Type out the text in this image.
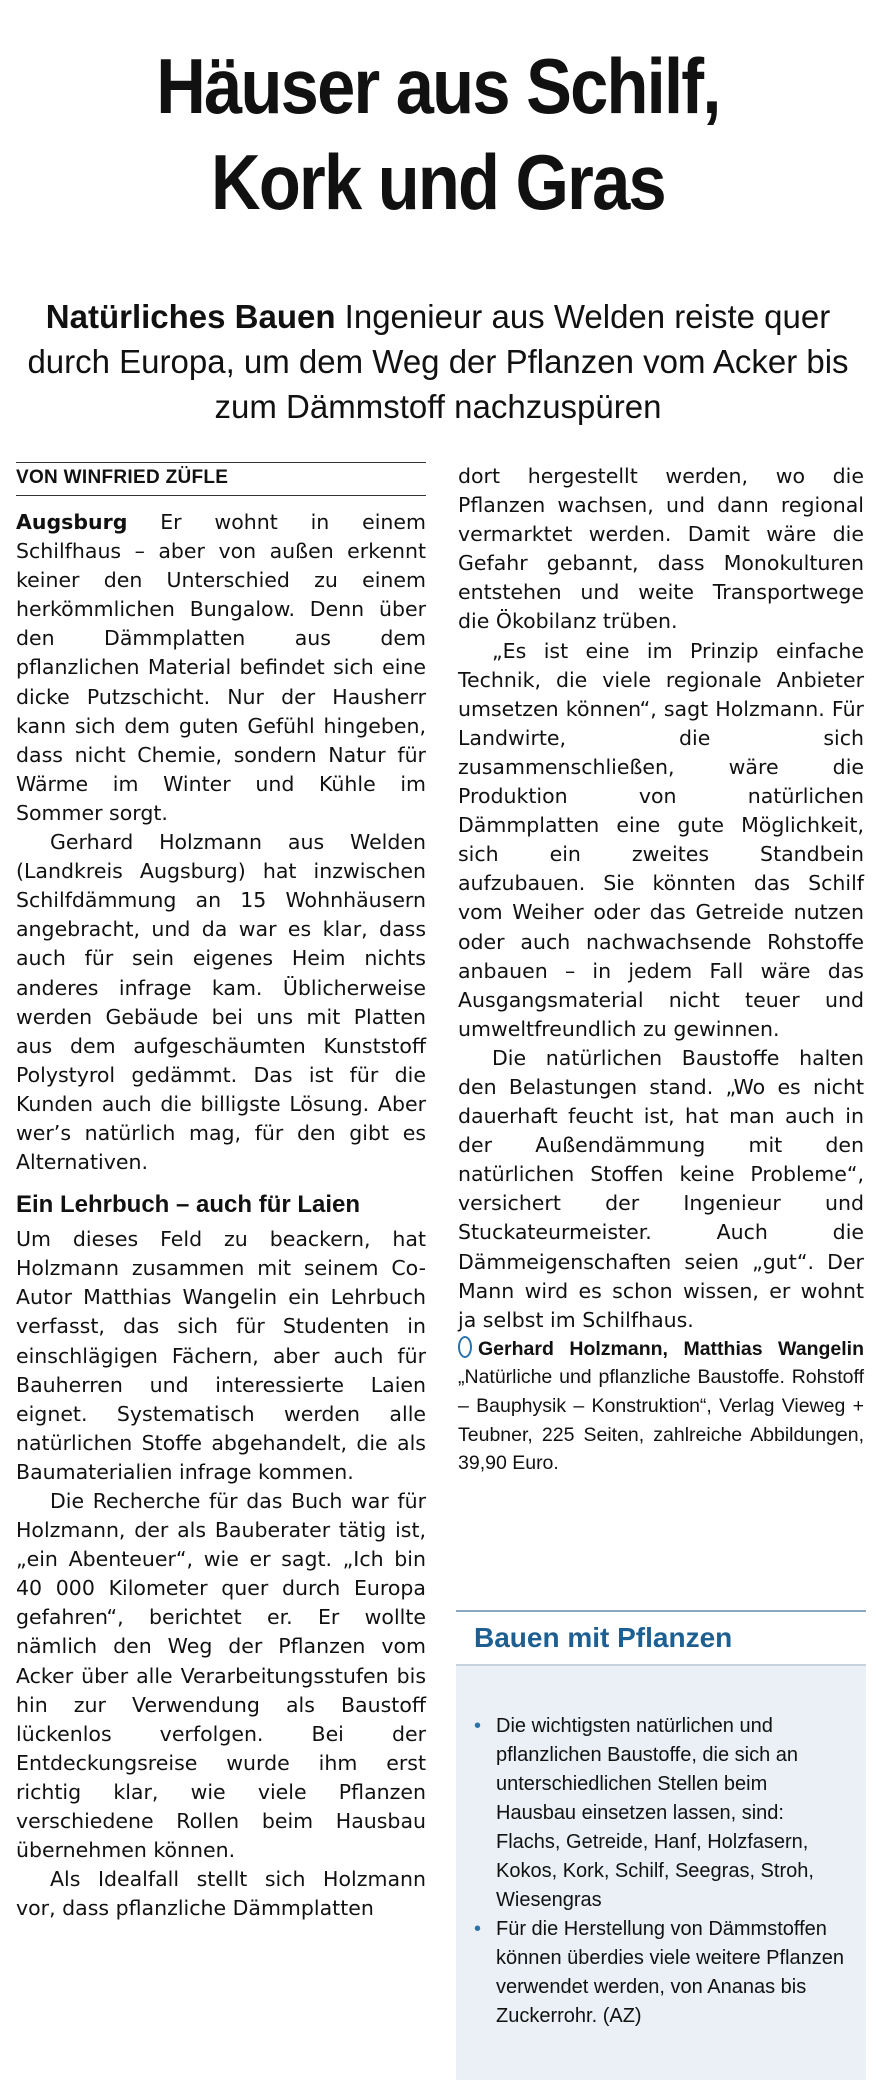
Häuser aus Schilf,
Kork und Gras

Natürliches Bauen Ingenieur aus Welden reiste quer durch Europa, um dem Weg der Pflanzen vom Acker bis zum Dämmstoff nachzuspüren

VON WINFRIED ZÜFLE

Augsburg Er wohnt in einem Schilfhaus – aber von außen erkennt keiner den Unterschied zu einem herkömmlichen Bungalow. Denn über den Dämmplatten aus dem pflanzlichen Material befindet sich eine dicke Putzschicht. Nur der Hausherr kann sich dem guten Gefühl hingeben, dass nicht Chemie, sondern Natur für Wärme im Winter und Kühle im Sommer sorgt.

Gerhard Holzmann aus Welden (Landkreis Augsburg) hat inzwischen Schilfdämmung an 15 Wohnhäusern angebracht, und da war es klar, dass auch für sein eigenes Heim nichts anderes infrage kam. Üblicherweise werden Gebäude bei uns mit Platten aus dem aufgeschäumten Kunststoff Polystyrol gedämmt. Das ist für die Kunden auch die billigste Lösung. Aber wer’s natürlich mag, für den gibt es Alternativen.

Ein Lehrbuch – auch für Laien

Um dieses Feld zu beackern, hat Holzmann zusammen mit seinem Co-Autor Matthias Wangelin ein Lehrbuch verfasst, das sich für Studenten in einschlägigen Fächern, aber auch für Bauherren und interessierte Laien eignet. Systematisch werden alle natürlichen Stoffe abgehandelt, die als Baumaterialien infrage kommen.

Die Recherche für das Buch war für Holzmann, der als Bauberater tätig ist, „ein Abenteuer“, wie er sagt. „Ich bin 40 000 Kilometer quer durch Europa gefahren“, berichtet er. Er wollte nämlich den Weg der Pflanzen vom Acker über alle Verarbeitungsstufen bis hin zur Verwendung als Baustoff lückenlos verfolgen. Bei der Entdeckungsreise wurde ihm erst richtig klar, wie viele Pflanzen verschiedene Rollen beim Hausbau übernehmen können.

Als Idealfall stellt sich Holzmann vor, dass pflanzliche Dämmplatten

dort hergestellt werden, wo die Pflanzen wachsen, und dann regional vermarktet werden. Damit wäre die Gefahr gebannt, dass Monokulturen entstehen und weite Transportwege die Ökobilanz trüben.

„Es ist eine im Prinzip einfache Technik, die viele regionale Anbieter umsetzen können“, sagt Holzmann. Für Landwirte, die sich zusammenschließen, wäre die Produktion von natürlichen Dämmplatten eine gute Möglichkeit, sich ein zweites Standbein aufzubauen. Sie könnten das Schilf vom Weiher oder das Getreide nutzen oder auch nachwachsende Rohstoffe anbauen – in jedem Fall wäre das Ausgangsmaterial nicht teuer und umweltfreundlich zu gewinnen.

Die natürlichen Baustoffe halten den Belastungen stand. „Wo es nicht dauerhaft feucht ist, hat man auch in der Außendämmung mit den natürlichen Stoffen keine Probleme“, versichert der Ingenieur und Stuckateurmeister. Auch die Dämmeigenschaften seien „gut“. Der Mann wird es schon wissen, er wohnt ja selbst im Schilfhaus.

Gerhard Holzmann, Matthias Wangelin „Natürliche und pflanzliche Baustoffe. Rohstoff – Bauphysik – Konstruktion“, Verlag Vieweg + Teubner, 225 Seiten, zahlreiche Abbildungen, 39,90 Euro.

Bauen mit Pflanzen
• Die wichtigsten natürlichen und pflanzlichen Baustoffe, die sich an unterschiedlichen Stellen beim Hausbau einsetzen lassen, sind: Flachs, Getreide, Hanf, Holzfasern, Kokos, Kork, Schilf, Seegras, Stroh, Wiesengras
• Für die Herstellung von Dämmstoffen können überdies viele weitere Pflanzen verwendet werden, von Ananas bis Zuckerrohr. (AZ)
